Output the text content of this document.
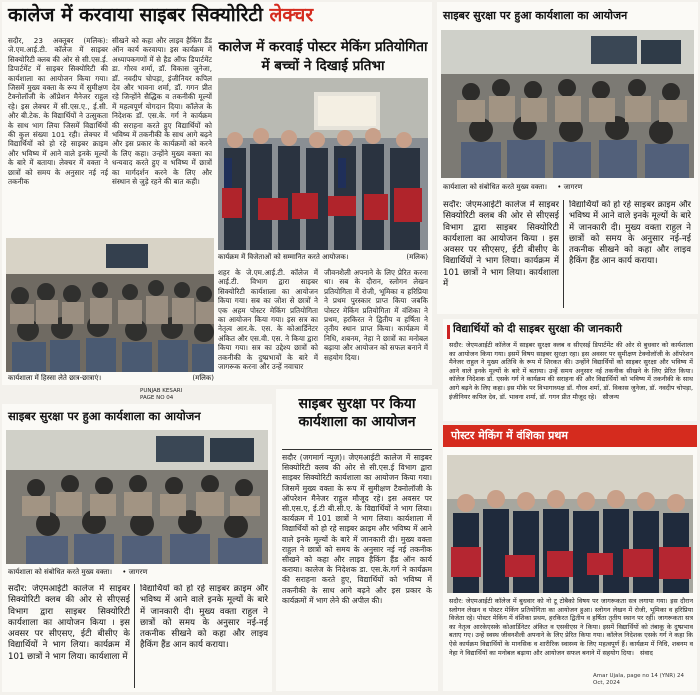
कालेज में करवाया साइबर सिक्योरिटी लेक्चर
सदौर, 23 अक्तूबर (मलिक): जे.एम.आई.टी. कॉलेज में साइबर सिक्योरिटी क्लब की ओर से सी.एस.ई. डिपार्टमेंट में साइबर सिक्योरिटी की कार्यशाला का आयोजन किया गया। जिसमें मुख्य वक्ता के रूप में सुमीक्षण टैक्नोलॉजी के ऑप्रेशन मैनेजर राहुल रहे। इस लेक्चर में सी.एस.ए., ई.सी. और बी.टेक. के विद्यार्थियों ने उत्सुकता के साथ भाग लिया जिसमें विद्यार्थियों की कुल संख्या 101 रही। लेक्चर में विद्यार्थियों को हो रहे साइबर क्राइम और भविष्य में आने वाले इनके मूल्यों के बारे में बताया। लेक्चर में वक्ता ने छात्रों को समय के अनुसार नई नई तकनीक
सीखने को कहा और लाइव हैकिंग डैंड ऑन कार्य करवाया। इस कार्यक्रम में अध्यापकगणों में से हैड ऑफ डिपार्टमेंट डा. गौरव शर्मा, डॉ. विकास जुनेजा, डॉ. नवदीप चोपड़ा, इंजीनियर कपिल देव और भावना शर्मा, डॉ. गगन प्रीत रहे जिन्होंने सैद्धिक व तकनीकी मूल्यों में महत्वपूर्ण योगदान दिया। कॉलेज के निदेशक डॉ. एस.के. गर्ग ने कार्यक्रम की सराहना करते हुए विद्यार्थियों को भविष्य में तकनीकी के साथ आगे बढ़ने और इस प्रकार के कार्यक्रमों को करने के लिए कहा। उन्होंने मुख्य वक्ता का धन्यवाद करते हुए व भविष्य में छात्रों का मार्गदर्शन करने के लिए और संस्थान से जुड़े रहने की बात कही।
कालेज में करवाई पोस्टर मेकिंग प्रतियोगिता में बच्चों ने दिखाई प्रतिभा
कार्यक्रम में विजेताओं को सम्मानित करते आयोजक।	(मलिक)
कार्यशाला में हिस्सा लेते छात्र-छात्राएं।	(मलिक)
शहर के जे.एम.आई.टी. कॉलेज में आई.टी. विभाग द्वारा साइबर सिक्योरिटी कार्यशाला का आयोजन किया गया। सब का जोश से छात्रों ने एक अहम पोस्टर मेकिंग प्रतियोगिता का आयोजन किया गया। इस सत्र का नेतृत्व आर.के. एस. के कोआर्डिनेटर अंकित और एस.वी. एस. ने किया द्वारा किया गया। सत्र का उद्देश्य छात्रों को तकनीकी के दुष्प्रभावों के बारे में जागरूक करना और उन्हें नवाचार
जीवनशैली अपनाने के लिए प्रेरित करना था। सब के दौरान, स्लोगन लेखन प्रतियोगिता में रोजी, भूमिका व हरिप्रिया ने प्रथम पुरस्कार प्राप्त किया जबकि पोस्टर मेकिंग प्रतियोगिता में वंशिका ने प्रथम, हरकिरत ने द्वितीय व हर्षिता ने तृतीय स्थान प्राप्त किया। कार्यक्रम में निधि, शबनम, नेहा ने छात्रों का मनोबल बढ़ाया और आयोजन को सफल बनाने में सहयोग दिया।
साइबर सुरक्षा पर हुआ कार्यशाला का आयोजन
कार्यशाला को संबोधित करते मुख्य वक्ता। • जागरण
सदौर: जेएमआईटी कालेज में साइबर सिक्योरिटी क्लब की ओर से सीएसई विभाग द्वारा साइबर सिक्योरिटी कार्यशाला का आयोजन किया । इस अवसर पर सीएसए, ईटी बीसीए के विद्यार्थियों ने भाग लिया। कार्यक्रम में 101 छात्रों ने भाग लिया। कार्यशाला में
विद्यार्थियों को हो रहे साइबर क्राइम और भविष्य में आने वाले इनके मूल्यों के बारे में जानकारी दी। मुख्य वक्ता राहुल ने छात्रों को समय के अनुसार नई-नई तकनीक सीखने को कहा और लाइव हैकिंग हैंड आन कार्य कराया।
विद्यार्थियों को दी साइबर सुरक्षा की जानकारी
सदौर: जेएमआईटी कॉलेज में साइबर सुरक्षा क्लब व सीएसई डिपार्टमेंट की ओर से बुधवार को कार्यशाला का आयोजन किया गया। इसमें विषय साइबर सुरक्षा रहा। इस अवसर पर सुमीक्षण टेक्नोलॉजी के ऑपरेशन मैनेजर राहुल ने मुख्य अतिथि के रूप में शिरकत की। उन्होंने विद्यार्थियों को साइबर सुरक्षा और भविष्य में आने वाले इनके मूल्यों के बारे में बताया। उन्हें समय अनुसार नई तकनीक सीखने के लिए प्रेरित किया। कॉलेज निदेशक डॉ. एसके गर्ग ने कार्यक्रम की सराहना की और विद्यार्थियों को भविष्य में तकनीकी के साथ आगे बढ़ने के लिए कहा। इस मौके पर विभागाध्यक्ष डॉ. गौरव शर्मा, डॉ. विकास जुनेजा, डॉ. नवदीप चोपड़ा, इंजीनियर कपिल देव, डॉ. भावना शर्मा, डॉ. गगन प्रीत मौजूद रहे। सौजन्य
पोस्टर मेकिंग में वंशिका प्रथम
सदौर: जेएमआईटी कॉलेज में बुधवार को नो टू टोबैको विषय पर जागरूकता सत्र लगाया गया। इस दौरान स्लोगन लेखन व पोस्टर मेकिंग प्रतियोगिता का आयोजन हुआ। स्लोगन लेखन में रोजी, भूमिका व हरिप्रिया विजेता रहे। पोस्टर मेकिंग में वंशिका प्रथम, हरकिरत द्वितीय व हर्षिता तृतीय स्थान पर रहीं। जागरूकता सत्र का नेतृत्व आरकेएसके कोआर्डिनेटर अंकित व एसवीएस ने किया। इसमें विद्यार्थियों को तंबाकू के दुष्प्रभाव बताए गए। उन्हें स्वस्थ जीवनशैली अपनाने के लिए प्रेरित किया गया। कॉलेज निदेशक एसके गर्ग ने कहा कि ऐसे कार्यक्रम विद्यार्थियों के मानसिक व शारीरिक स्वास्थ्य के लिए महत्वपूर्ण हैं। कार्यक्रम में निधि, शबनम व नेहा ने विद्यार्थियों का मनोबल बढ़ाया और आयोजन सफल बनाने में सहयोग दिया। संवाद
Amar Ujala, page no 14 (YNR) 24 Oct, 2024
PUNJAB KESARI
PAGE NO 04
साइबर सुरक्षा पर हुआ कार्यशाला का आयोजन
कार्यशाला को संबोधित करते मुख्य वक्ता। • जागरण
सदौर: जेएमआईटी कालेज में साइबर सिक्योरिटी क्लब की ओर से सीएसई विभाग द्वारा साइबर सिक्योरिटी कार्यशाला का आयोजन किया । इस अवसर पर सीएसए, ईटी बीसीए के विद्यार्थियों ने भाग लिया। कार्यक्रम में 101 छात्रों ने भाग लिया। कार्यशाला में
विद्यार्थियों को हो रहे साइबर क्राइम और भविष्य में आने वाले इनके मूल्यों के बारे में जानकारी दी। मुख्य वक्ता राहुल ने छात्रों को समय के अनुसार नई-नई तकनीक सीखने को कहा और लाइव हैकिंग हैंड आन कार्य कराया।
साइबर सुरक्षा पर किया कार्यशाला का आयोजन
सदौर (जगमार्ग न्यूज़)। जेएमआईटी कालेज में साइबर सिक्योरिटी क्लब की ओर से सी.एस.ई विभाग द्वारा साइबर सिक्योरिटी कार्यशाला का आयोजन किया गया। जिसमें मुख्य वक्ता के रूप में सुमीक्षण टैक्नोलॉजी के ऑपरेशन मैनेजर राहुल मौजूद रहे। इस अवसर पर सी.एस.ए, ई.टी बी.सी.ए. के विद्यार्थियों ने भाग लिया। कार्यक्रम में 101 छात्रों ने भाग लिया। कार्यशाला में विद्यार्थियों को हो रहे साइबर क्राइम और भविष्य में आने वाले इनके मूल्यों के बारे में जानकारी दी। मुख्य वक्ता राहुल ने छात्रों को समय के अनुसार नई नई तकनीक सीखने को कहा और लाइव हैकिंग हैंड ऑन कार्य कराया। कालेज के निदेशक डा. एस.के.गर्ग ने कार्यक्रम की सराहना करते हुए, विद्यार्थियों को भविष्य में तकनीकी के साथ आगे बढ़ने और इस प्रकार के कार्यक्रमों में भाग लेने की अपील की।
